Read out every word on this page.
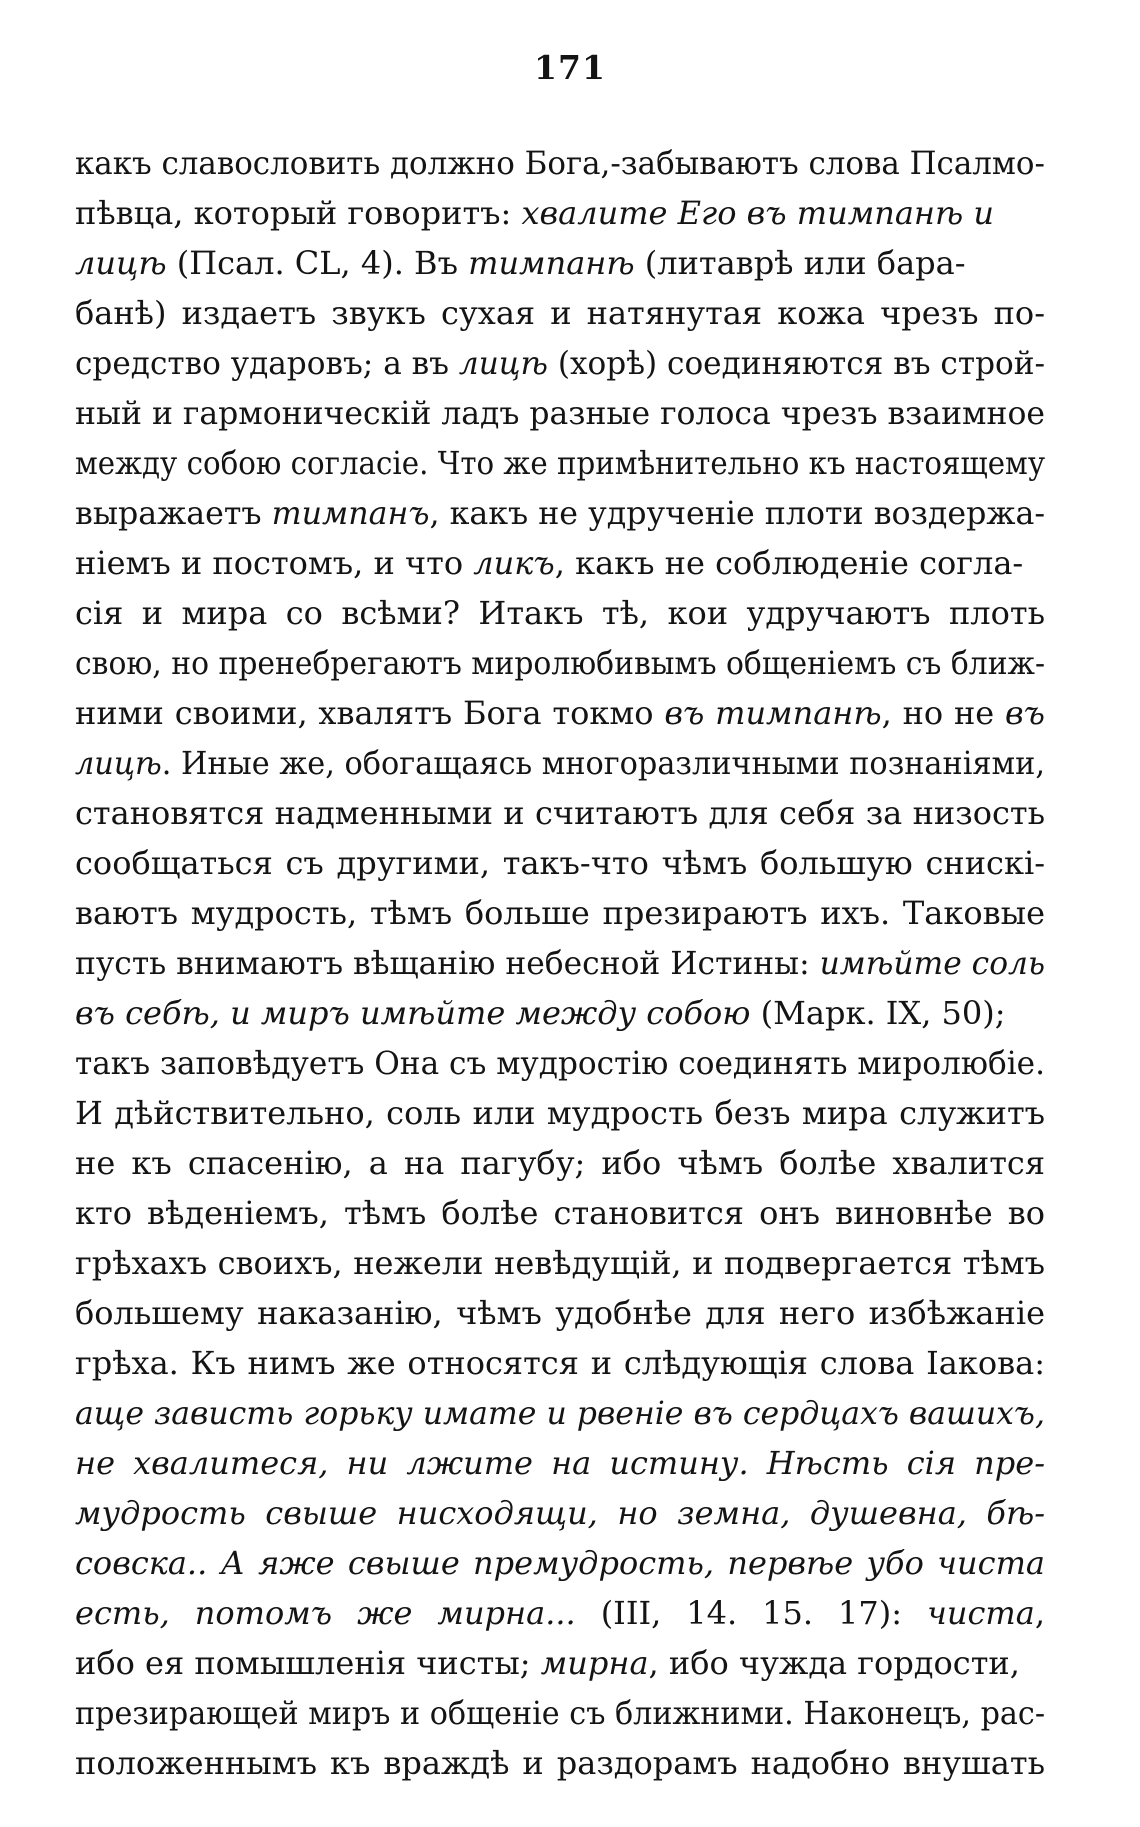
171
какъ славословить должно Бога,-забываютъ слова Псалмо-
пѣвца, который говоритъ: хвалите Его въ тимпанѣ и
лицѣ (Псал. CL, 4). Въ тимпанѣ (литаврѣ или бара-
банѣ) издаетъ звукъ сухая и натянутая кожа чрезъ по-
средство ударовъ; а въ лицѣ (хорѣ) соединяются въ строй-
ный и гармоническій ладъ разные голоса чрезъ взаимное
между собою согласіе. Что же примѣнительно къ настоящему
выражаетъ тимпанъ, какъ не удрученіе плоти воздержа-
ніемъ и постомъ, и что ликъ, какъ не соблюденіе согла-
сія и мира со всѣми? Итакъ тѣ, кои удручаютъ плоть
свою, но пренебрегаютъ миролюбивымъ общеніемъ съ ближ-
ними своими, хвалятъ Бога токмо въ тимпанѣ, но не въ
лицѣ. Иные же, обогащаясь многоразличными познаніями,
становятся надменными и считаютъ для себя за низость
сообщаться съ другими, такъ-что чѣмъ большую снискі-
ваютъ мудрость, тѣмъ больше презираютъ ихъ. Таковые
пусть внимаютъ вѣщанію небесной Истины: имѣйте соль
въ себѣ, и миръ имѣйте между собою (Марк. IX, 50);
такъ заповѣдуетъ Она съ мудростію соединять миролюбіе.
И дѣйствительно, соль или мудрость безъ мира служитъ
не къ спасенію, а на пагубу; ибо чѣмъ болѣе хвалится
кто вѣденіемъ, тѣмъ болѣе становится онъ виновнѣе во
грѣхахъ своихъ, нежели невѣдущій, и подвергается тѣмъ
большему наказанію, чѣмъ удобнѣе для него избѣжаніе
грѣха. Къ нимъ же относятся и слѣдующія слова Іакова:
аще зависть горьку имате и рвеніе въ сердцахъ вашихъ,
не хвалитеся, ни лжите на истину. Нѣсть сія пре-
мудрость свыше нисходящи, но земна, душевна, бѣ-
совска.. А яже свыше премудрость, первѣе убо чиста
есть, потомъ же мирна... (III, 14. 15. 17): чиста,
ибо ея помышленія чисты; мирна, ибо чужда гордости,
презирающей миръ и общеніе съ ближними. Наконецъ, рас-
положеннымъ къ враждѣ и раздорамъ надобно внушать
